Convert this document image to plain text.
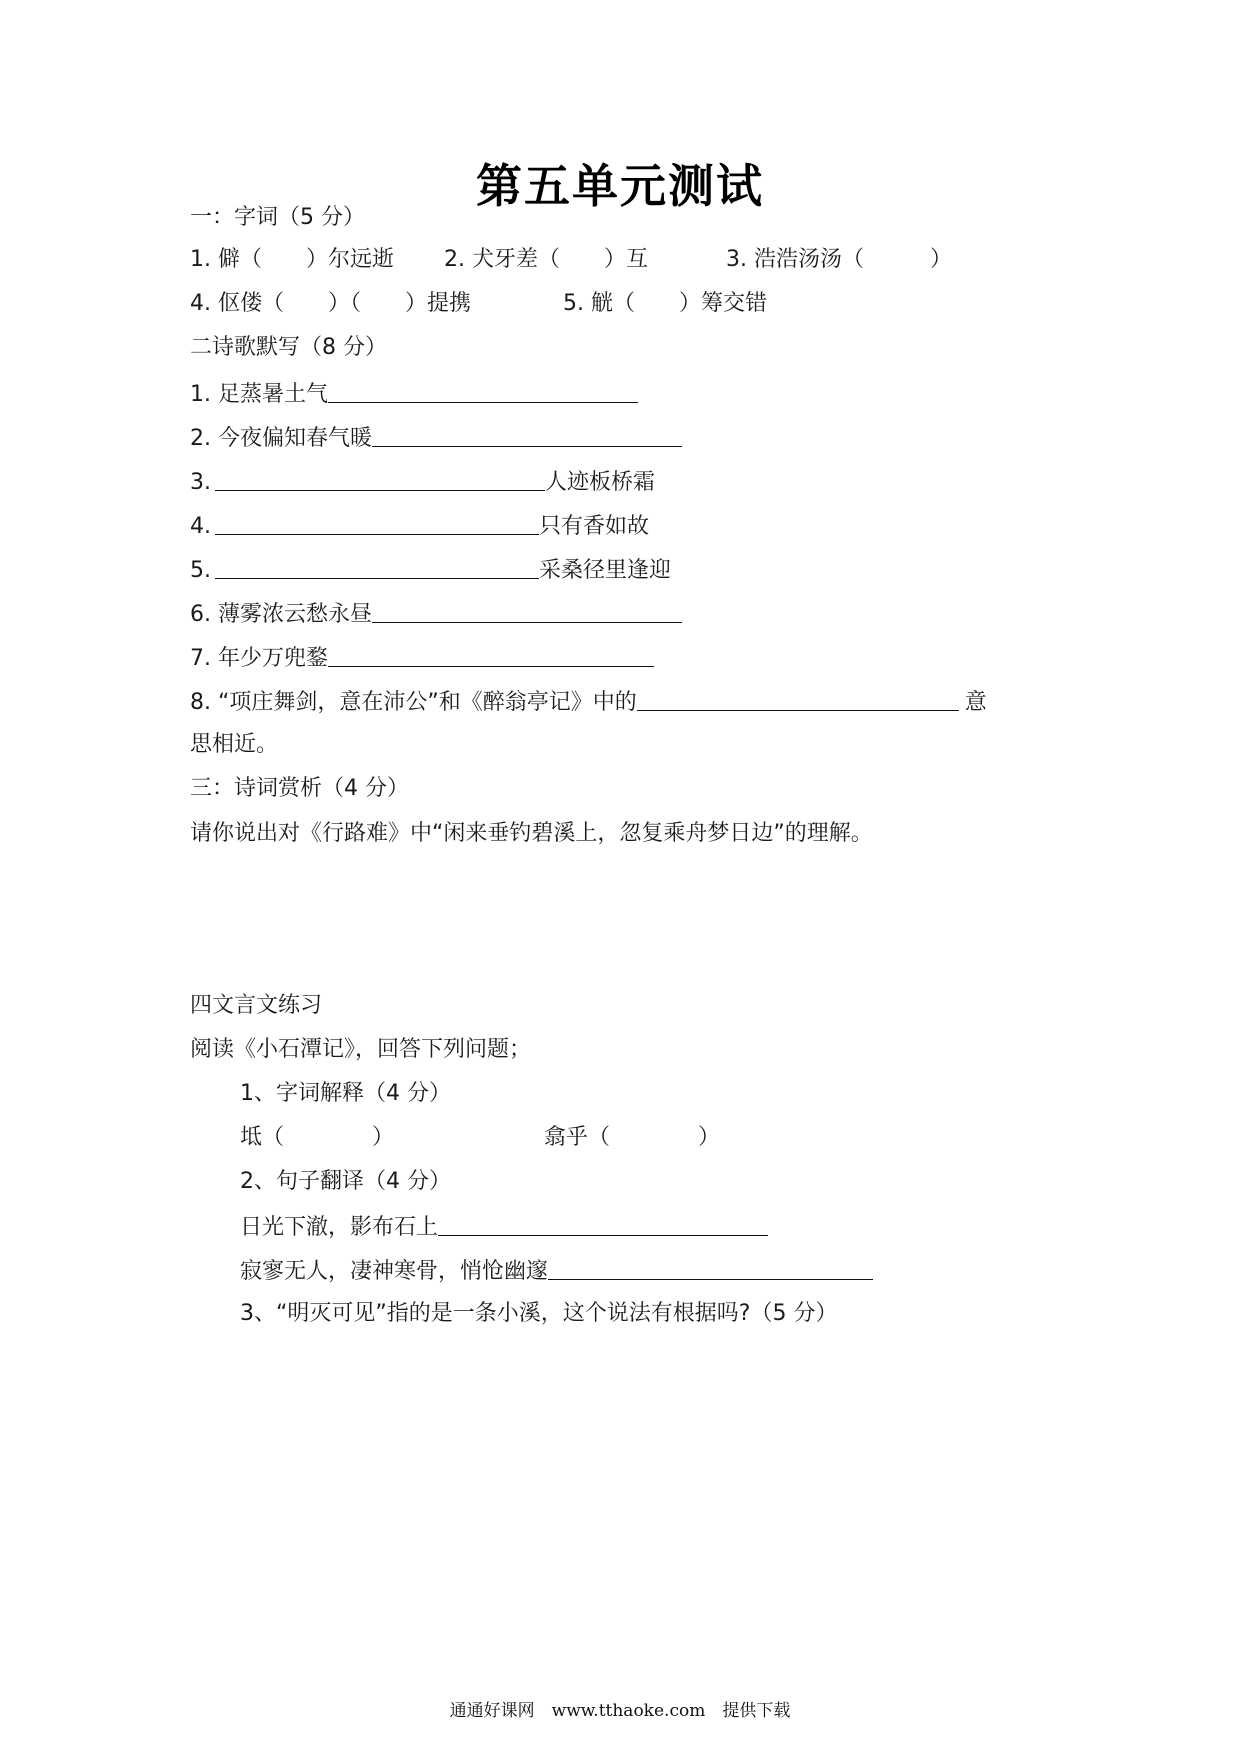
第五单元测试
一：字词（5 分）
1. 僻（　　）尔远逝 2. 犬牙差（　　）互	3. 浩浩汤汤（　　　）
4. 伛偻（　　）（　　）提携	5. 觥（　　）筹交错
二诗歌默写（8 分）
1. 足蒸暑土气
2. 今夜偏知春气暖
3.	人迹板桥霜
4.	只有香如故
5.	采桑径里逢迎
6. 薄雾浓云愁永昼
7. 年少万兜鍪
8. “项庄舞剑，意在沛公”和《醉翁亭记》中的	意
思相近。
三：诗词赏析（4 分）
请你说出对《行路难》中“闲来垂钓碧溪上，忽复乘舟梦日边”的理解。
四文言文练习
阅读《小石潭记》，回答下列问题；
1、字词解释（4 分）
坻（　　　　）	翕乎（　　　　）
2、句子翻译（4 分）
日光下澈，影布石上
寂寥无人，凄神寒骨，悄怆幽邃
3、“明灭可见”指的是一条小溪，这个说法有根据吗?（5 分）
通通好课网　www.tthaoke.com　提供下载
